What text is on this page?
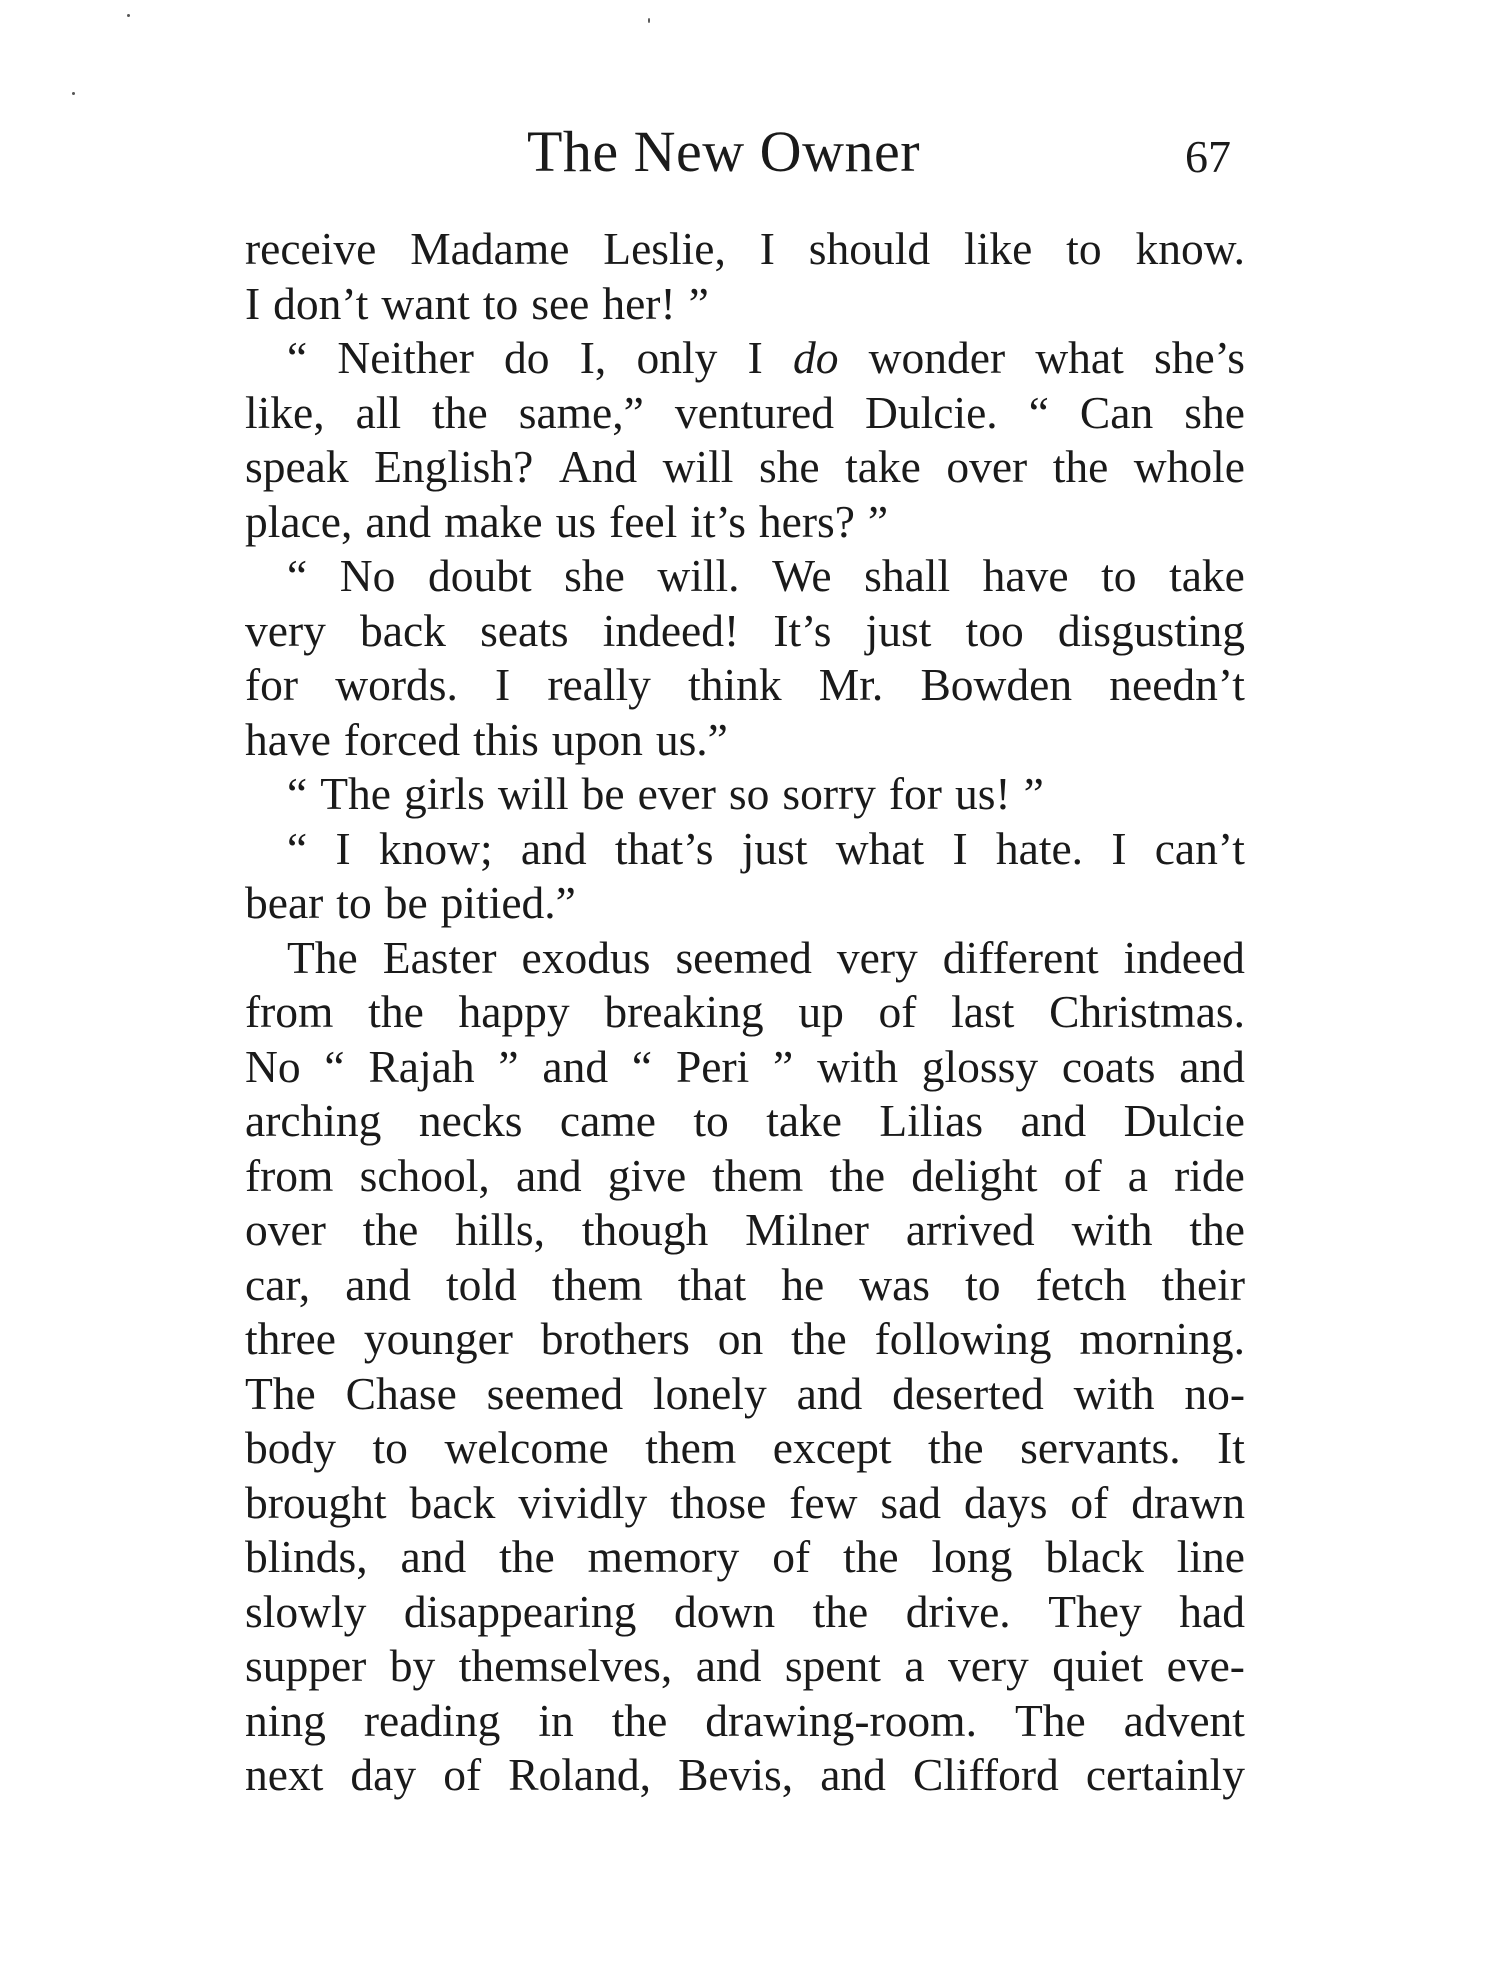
The New Owner	67
receive Madame Leslie, I should like to know.
I don’t want to see her! ”
“ Neither do I, only I do wonder what she’s
like, all the same,” ventured Dulcie. “ Can she
speak English? And will she take over the whole
place, and make us feel it’s hers? ”
“ No doubt she will. We shall have to take
very back seats indeed! It’s just too disgusting
for words. I really think Mr. Bowden needn’t
have forced this upon us.”
“ The girls will be ever so sorry for us! ”
“ I know; and that’s just what I hate. I can’t
bear to be pitied.”
The Easter exodus seemed very different indeed
from the happy breaking up of last Christmas.
No “ Rajah ” and “ Peri ” with glossy coats and
arching necks came to take Lilias and Dulcie
from school, and give them the delight of a ride
over the hills, though Milner arrived with the
car, and told them that he was to fetch their
three younger brothers on the following morning.
The Chase seemed lonely and deserted with no-
body to welcome them except the servants. It
brought back vividly those few sad days of drawn
blinds, and the memory of the long black line
slowly disappearing down the drive. They had
supper by themselves, and spent a very quiet eve-
ning reading in the drawing-room. The advent
next day of Roland, Bevis, and Clifford certainly
